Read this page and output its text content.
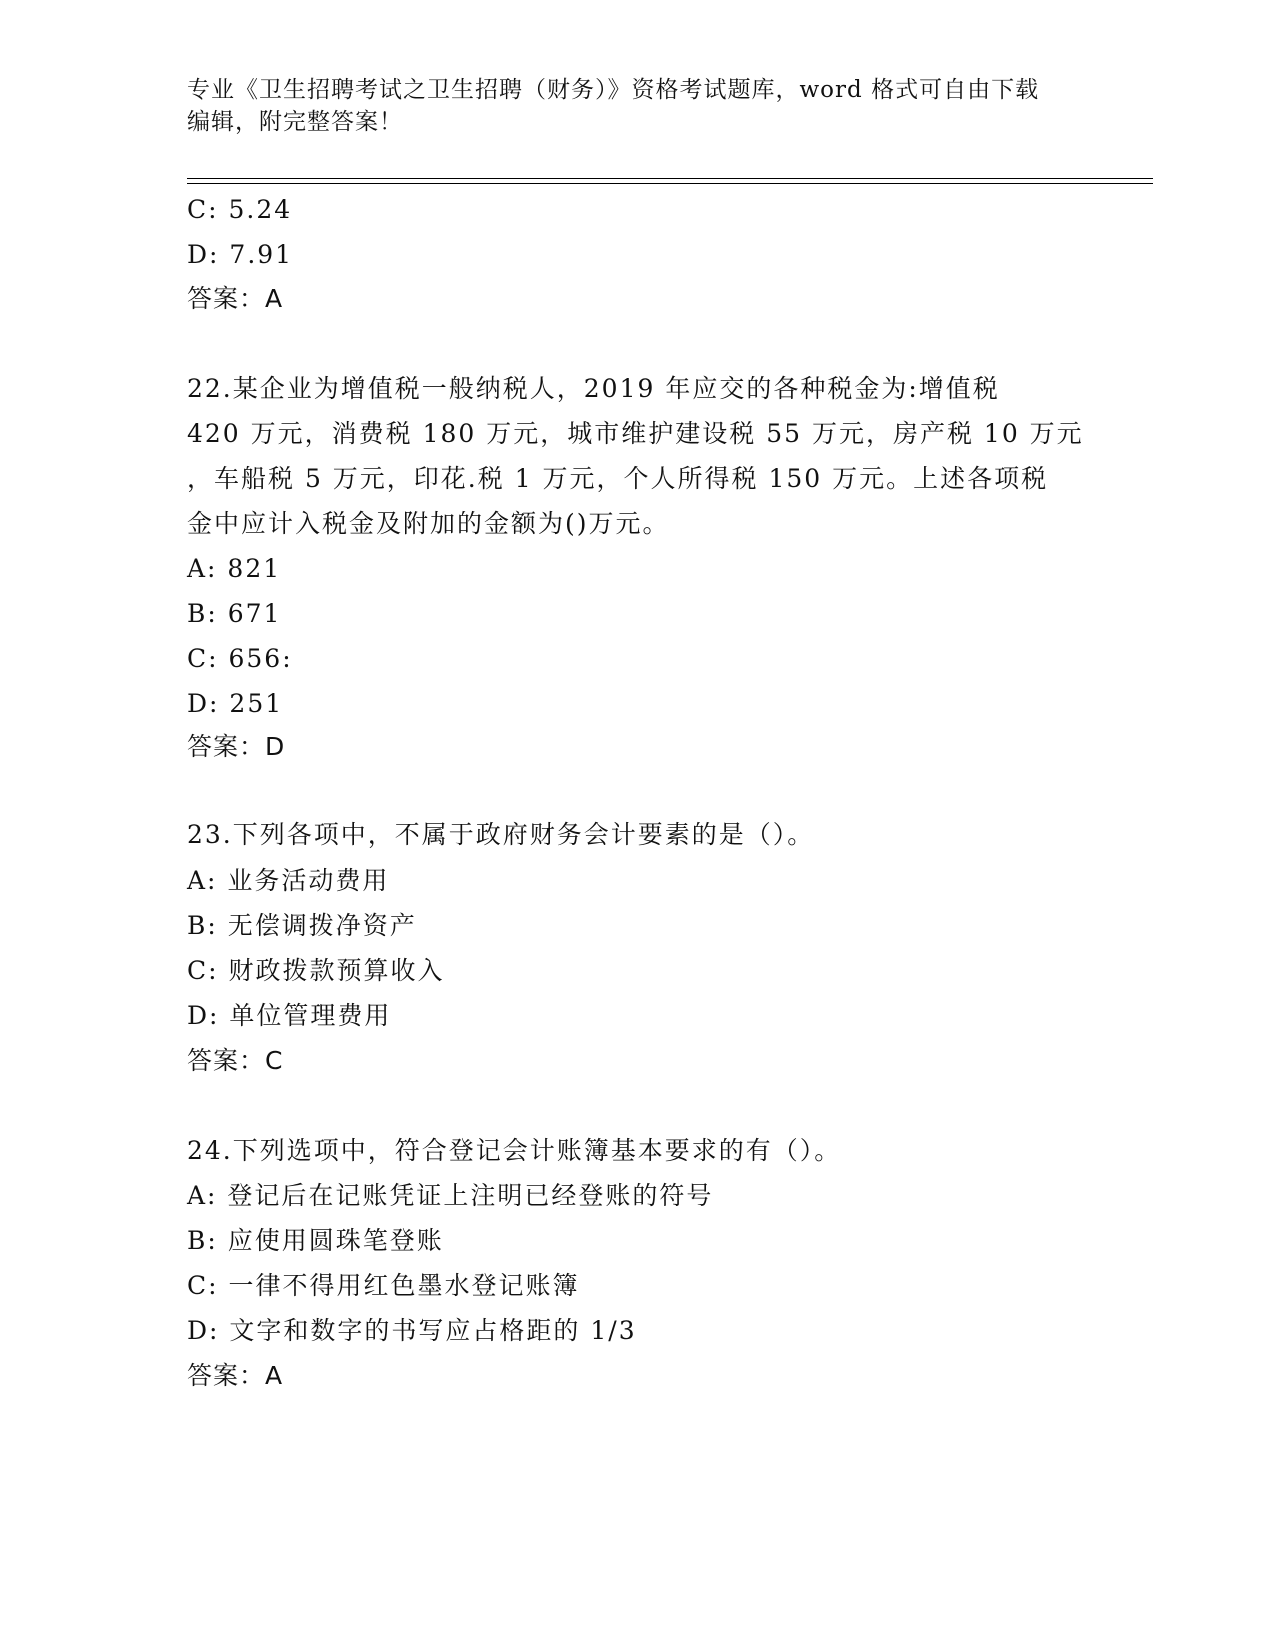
专业《卫生招聘考试之卫生招聘（财务）》资格考试题库，word 格式可自由下载
编辑，附完整答案！
C: 5.24
D: 7.91
答案：A
22.某企业为增值税一般纳税人，2019 年应交的各种税金为:增值税
420 万元，消费税 180 万元，城市维护建设税 55 万元，房产税 10 万元
，车船税 5 万元，印花.税 1 万元，个人所得税 150 万元。上述各项税
金中应计入税金及附加的金额为()万元。
A: 821
B: 671
C: 656:
D: 251
答案：D
23.下列各项中，不属于政府财务会计要素的是（）。
A: 业务活动费用
B: 无偿调拨净资产
C: 财政拨款预算收入
D: 单位管理费用
答案：C
24.下列选项中，符合登记会计账簿基本要求的有（）。
A: 登记后在记账凭证上注明已经登账的符号
B: 应使用圆珠笔登账
C: 一律不得用红色墨水登记账簿
D: 文字和数字的书写应占格距的 1/3
答案：A
